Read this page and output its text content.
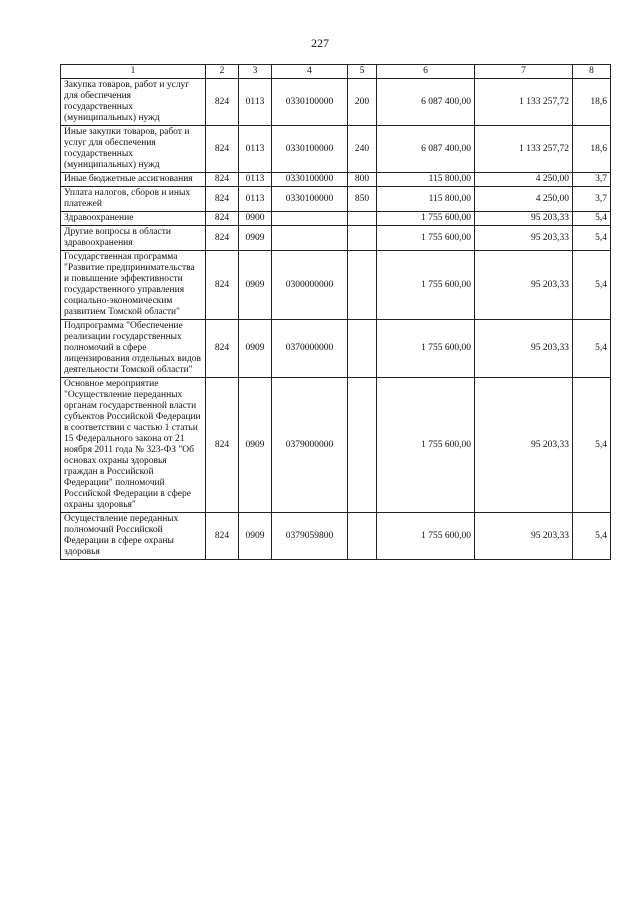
227
1	2	3	4	5	6	7	8
Закупка товаров, работ и услуг для обеспечения государственных (муниципальных) нужд	824	0113	0330100000	200	6 087 400,00	1 133 257,72	18,6
Иные закупки товаров, работ и услуг для обеспечения государственных (муниципальных) нужд	824	0113	0330100000	240	6 087 400,00	1 133 257,72	18,6
Иные бюджетные ассигнования	824	0113	0330100000	800	115 800,00	4 250,00	3,7
Уплата налогов, сборов и иных платежей	824	0113	0330100000	850	115 800,00	4 250,00	3,7
Здравоохранение	824	0900			1 755 600,00	95 203,33	5,4
Другие вопросы в области здравоохранения	824	0909			1 755 600,00	95 203,33	5,4
Государственная программа "Развитие предпринимательства и повышение эффективности государственного управления социально-экономическим развитием Томской области"	824	0909	0300000000		1 755 600,00	95 203,33	5,4
Подпрограмма "Обеспечение реализации государственных полномочий в сфере лицензирования отдельных видов деятельности Томской области"	824	0909	0370000000		1 755 600,00	95 203,33	5,4
Основное мероприятие "Осуществление переданных органам государственной власти субъектов Российской Федерации в соответствии с частью 1 статьи 15 Федерального закона от 21 ноября 2011 года № 323-ФЗ "Об основах охраны здоровья граждан в Российской Федерации" полномочий Российской Федерации в сфере охраны здоровья"	824	0909	0379000000		1 755 600,00	95 203,33	5,4
Осуществление переданных полномочий Российской Федерации в сфере охраны здоровья	824	0909	0379059800		1 755 600,00	95 203,33	5,4
